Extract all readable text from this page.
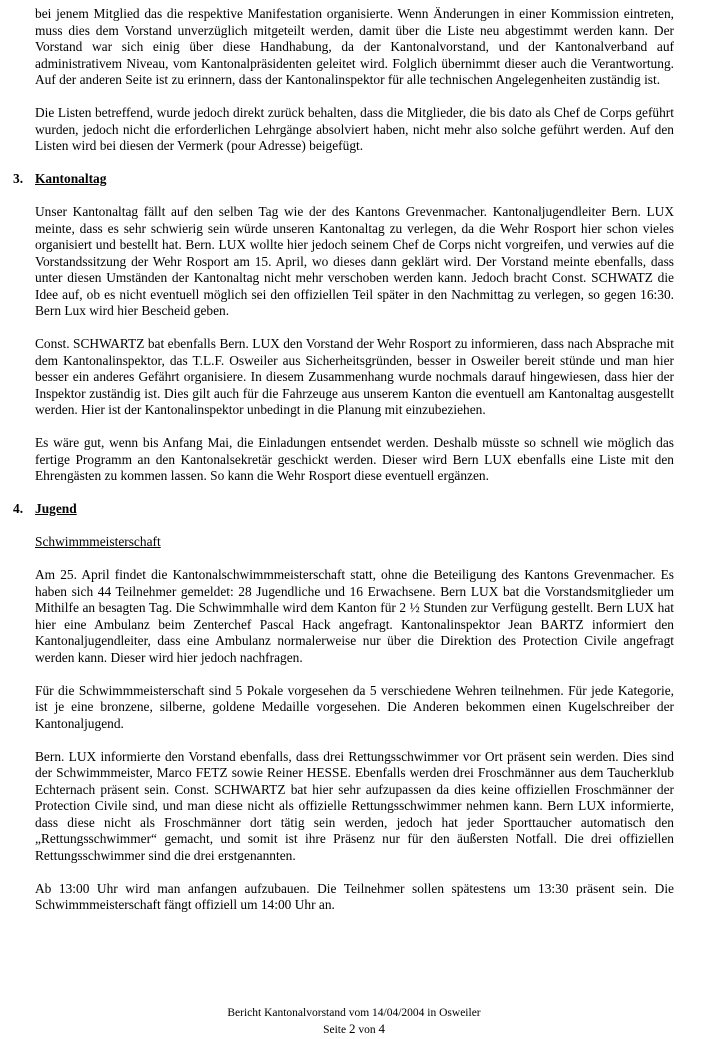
bei jenem Mitglied das die respektive Manifestation organisierte. Wenn Änderungen in einer Kommission eintreten, muss dies dem Vorstand unverzüglich mitgeteilt werden, damit über die Liste neu abgestimmt werden kann. Der Vorstand war sich einig über diese Handhabung, da der Kantonalvorstand, und der Kantonalverband auf administrativem Niveau, vom Kantonalpräsidenten geleitet wird. Folglich übernimmt dieser auch die Verantwortung. Auf der anderen Seite ist zu erinnern, dass der Kantonalinspektor für alle technischen Angelegenheiten zuständig ist.

Die Listen betreffend, wurde jedoch direkt zurück behalten, dass die Mitglieder, die bis dato als Chef de Corps geführt wurden, jedoch nicht die erforderlichen Lehrgänge absolviert haben, nicht mehr also solche geführt werden. Auf den Listen wird bei diesen der Vermerk (pour Adresse) beigefügt.

3. Kantonaltag

Unser Kantonaltag fällt auf den selben Tag wie der des Kantons Grevenmacher. Kantonaljugendleiter Bern. LUX meinte, dass es sehr schwierig sein würde unseren Kantonaltag zu verlegen, da die Wehr Rosport hier schon vieles organisiert und bestellt hat. Bern. LUX wollte hier jedoch seinem Chef de Corps nicht vorgreifen, und verwies auf die Vorstandssitzung der Wehr Rosport am 15. April, wo dieses dann geklärt wird. Der Vorstand meinte ebenfalls, dass unter diesen Umständen der Kantonaltag nicht mehr verschoben werden kann. Jedoch bracht Const. SCHWATZ die Idee auf, ob es nicht eventuell möglich sei den offiziellen Teil später in den Nachmittag zu verlegen, so gegen 16:30. Bern Lux wird hier Bescheid geben.

Const. SCHWARTZ bat ebenfalls Bern. LUX den Vorstand der Wehr Rosport zu informieren, dass nach Absprache mit dem Kantonalinspektor, das T.L.F. Osweiler aus Sicherheitsgründen, besser in Osweiler bereit stünde und man hier besser ein anderes Gefährt organisiere. In diesem Zusammenhang wurde nochmals darauf hingewiesen, dass hier der Inspektor zuständig ist. Dies gilt auch für die Fahrzeuge aus unserem Kanton die eventuell am Kantonaltag ausgestellt werden. Hier ist der Kantonalinspektor unbedingt in die Planung mit einzubeziehen.

Es wäre gut, wenn bis Anfang Mai, die Einladungen entsendet werden. Deshalb müsste so schnell wie möglich das fertige Programm an den Kantonalsekretär geschickt werden. Dieser wird Bern LUX ebenfalls eine Liste mit den Ehrengästen zu kommen lassen. So kann die Wehr Rosport diese eventuell ergänzen.

4. Jugend
Schwimmmeisterschaft

Am 25. April findet die Kantonalschwimmmeisterschaft statt, ohne die Beteiligung des Kantons Grevenmacher. Es haben sich 44 Teilnehmer gemeldet: 28 Jugendliche und 16 Erwachsene. Bern LUX bat die Vorstandsmitglieder um Mithilfe an besagten Tag. Die Schwimmhalle wird dem Kanton für 2 ½ Stunden zur Verfügung gestellt. Bern LUX hat hier eine Ambulanz beim Zenterchef Pascal Hack angefragt. Kantonalinspektor Jean BARTZ informiert den Kantonaljugendleiter, dass eine Ambulanz normalerweise nur über die Direktion des Protection Civile angefragt werden kann. Dieser wird hier jedoch nachfragen.

Für die Schwimmmeisterschaft sind 5 Pokale vorgesehen da 5 verschiedene Wehren teilnehmen. Für jede Kategorie, ist je eine bronzene, silberne, goldene Medaille vorgesehen. Die Anderen bekommen einen Kugelschreiber der Kantonaljugend.

Bern. LUX informierte den Vorstand ebenfalls, dass drei Rettungsschwimmer vor Ort präsent sein werden. Dies sind der Schwimmmeister, Marco FETZ sowie Reiner HESSE. Ebenfalls werden drei Froschmänner aus dem Taucherklub Echternach präsent sein. Const. SCHWARTZ bat hier sehr aufzupassen da dies keine offiziellen Froschmänner der Protection Civile sind, und man diese nicht als offizielle Rettungsschwimmer nehmen kann. Bern LUX informierte, dass diese nicht als Froschmänner dort tätig sein werden, jedoch hat jeder Sporttaucher automatisch den „Rettungsschwimmer“ gemacht, und somit ist ihre Präsenz nur für den äußersten Notfall. Die drei offiziellen Rettungsschwimmer sind die drei erstgenannten.

Ab 13:00 Uhr wird man anfangen aufzubauen. Die Teilnehmer sollen spätestens um 13:30 präsent sein. Die Schwimmmeisterschaft fängt offiziell um 14:00 Uhr an.

Bericht Kantonalvorstand vom 14/04/2004 in Osweiler
Seite 2 von 4
